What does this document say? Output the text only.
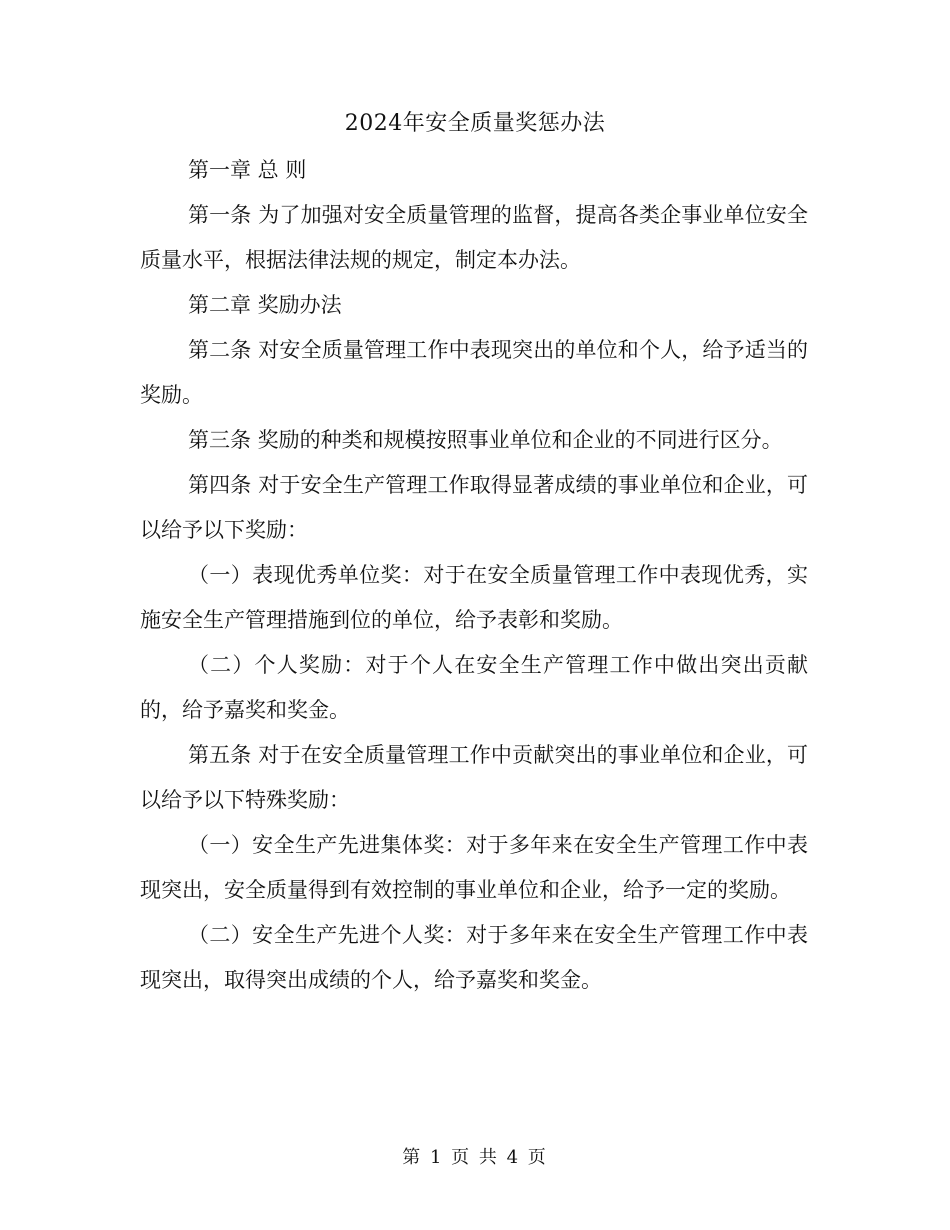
2024年安全质量奖惩办法

第一章 总 则

第一条 为了加强对安全质量管理的监督，提高各类企事业单位安全质量水平，根据法律法规的规定，制定本办法。

第二章 奖励办法

第二条 对安全质量管理工作中表现突出的单位和个人，给予适当的奖励。

第三条 奖励的种类和规模按照事业单位和企业的不同进行区分。

第四条 对于安全生产管理工作取得显著成绩的事业单位和企业，可以给予以下奖励：

（一）表现优秀单位奖：对于在安全质量管理工作中表现优秀，实施安全生产管理措施到位的单位，给予表彰和奖励。

（二）个人奖励：对于个人在安全生产管理工作中做出突出贡献的，给予嘉奖和奖金。

第五条 对于在安全质量管理工作中贡献突出的事业单位和企业，可以给予以下特殊奖励：

（一）安全生产先进集体奖：对于多年来在安全生产管理工作中表现突出，安全质量得到有效控制的事业单位和企业，给予一定的奖励。

（二）安全生产先进个人奖：对于多年来在安全生产管理工作中表现突出，取得突出成绩的个人，给予嘉奖和奖金。

第 1 页 共 4 页
